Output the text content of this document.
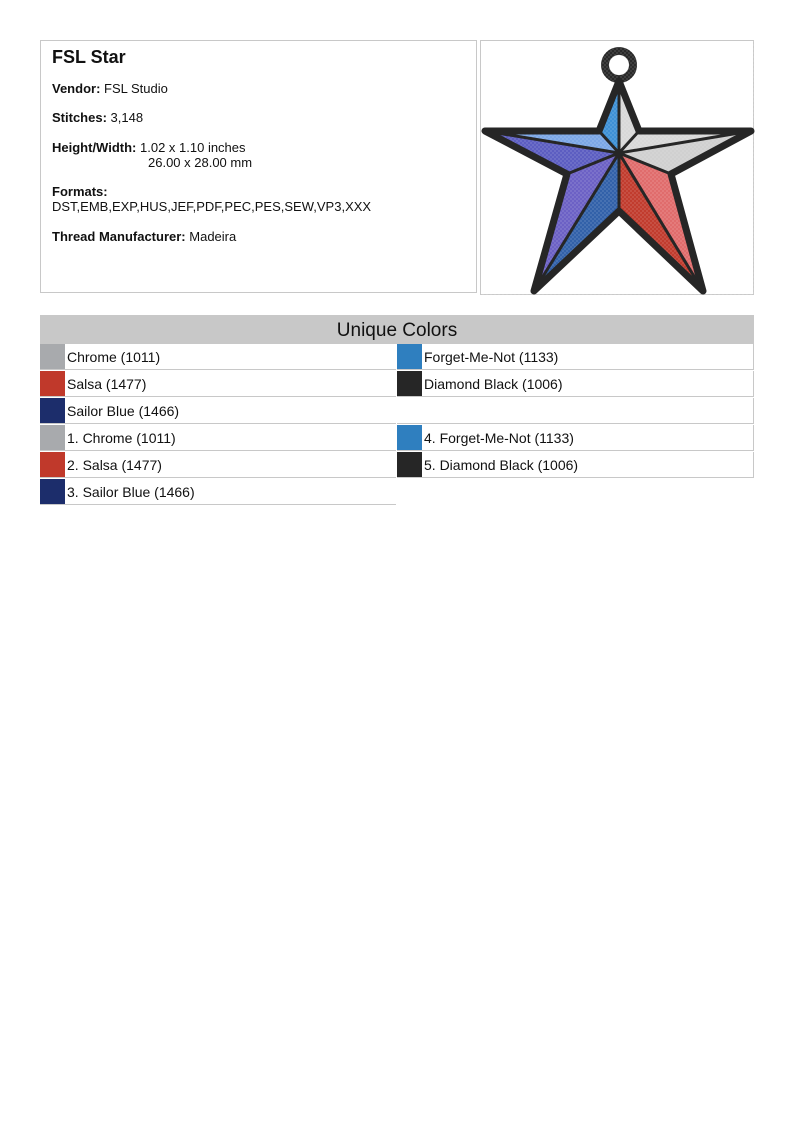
FSL Star
Vendor: FSL Studio
Stitches: 3,148
Height/Width: 1.02 x 1.10 inches
26.00 x 28.00 mm
Formats:
DST,EMB,EXP,HUS,JEF,PDF,PEC,PES,SEW,VP3,XXX
Thread Manufacturer: Madeira
Unique Colors
Chrome (1011)	Forget-Me-Not (1133)
Salsa (1477)	Diamond Black (1006)
Sailor Blue (1466)
1. Chrome (1011)	4. Forget-Me-Not (1133)
2. Salsa (1477)	5. Diamond Black (1006)
3. Sailor Blue (1466)
